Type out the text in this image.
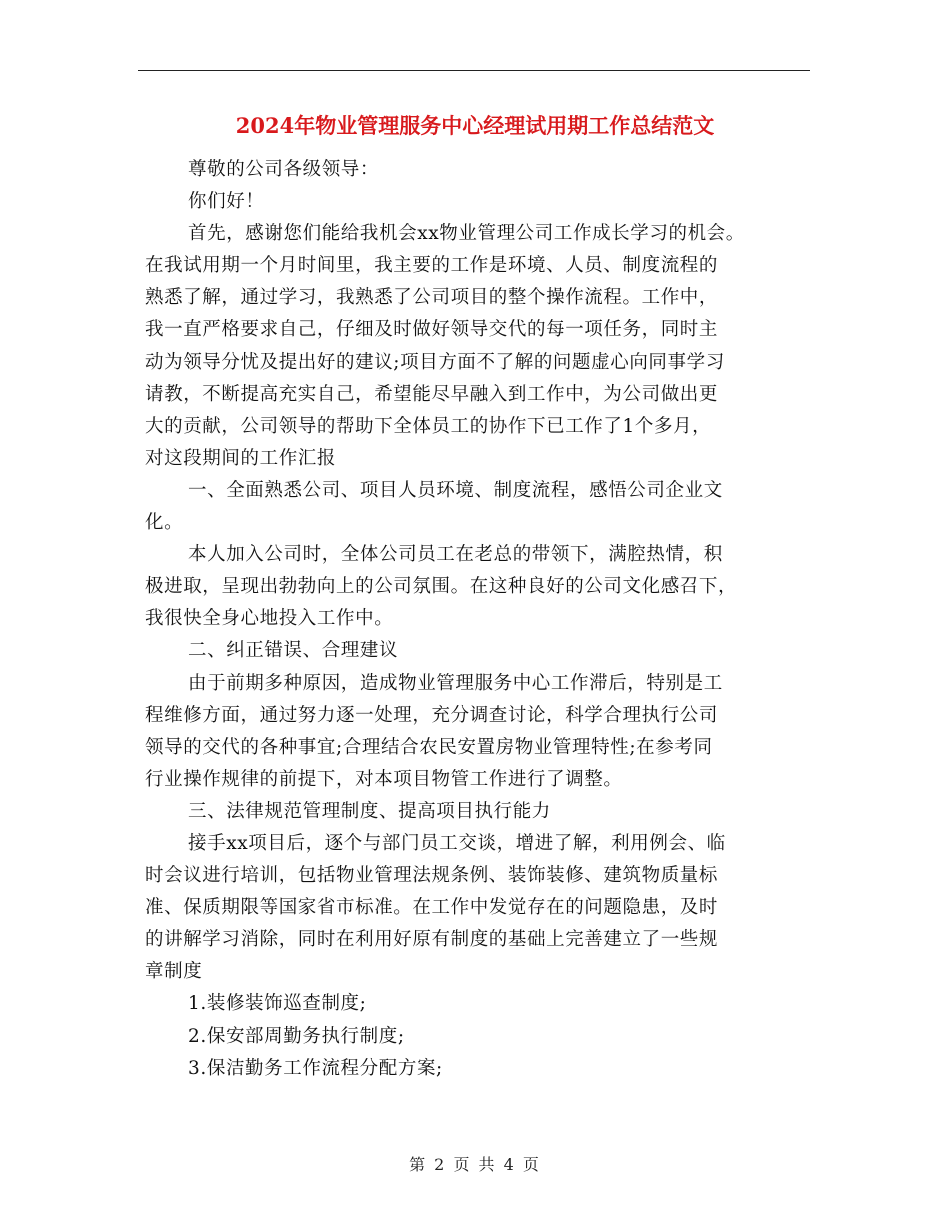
2024年物业管理服务中心经理试用期工作总结范文
尊敬的公司各级领导：
你们好！
首先，感谢您们能给我机会xx物业管理公司工作成长学习的机会。
在我试用期一个月时间里，我主要的工作是环境、人员、制度流程的
熟悉了解，通过学习，我熟悉了公司项目的整个操作流程。工作中，
我一直严格要求自己，仔细及时做好领导交代的每一项任务，同时主
动为领导分忧及提出好的建议;项目方面不了解的问题虚心向同事学习
请教，不断提高充实自己，希望能尽早融入到工作中，为公司做出更
大的贡献，公司领导的帮助下全体员工的协作下已工作了1个多月，
对这段期间的工作汇报
一、全面熟悉公司、项目人员环境、制度流程，感悟公司企业文
化。
本人加入公司时，全体公司员工在老总的带领下，满腔热情，积
极进取，呈现出勃勃向上的公司氛围。在这种良好的公司文化感召下，
我很快全身心地投入工作中。
二、纠正错误、合理建议
由于前期多种原因，造成物业管理服务中心工作滞后，特别是工
程维修方面，通过努力逐一处理，充分调查讨论，科学合理执行公司
领导的交代的各种事宜;合理结合农民安置房物业管理特性;在参考同
行业操作规律的前提下，对本项目物管工作进行了调整。
三、法律规范管理制度、提高项目执行能力
接手xx项目后，逐个与部门员工交谈，增进了解，利用例会、临
时会议进行培训，包括物业管理法规条例、装饰装修、建筑物质量标
准、保质期限等国家省市标准。在工作中发觉存在的问题隐患，及时
的讲解学习消除，同时在利用好原有制度的基础上完善建立了一些规
章制度
1.装修装饰巡查制度;
2.保安部周勤务执行制度;
3.保洁勤务工作流程分配方案;
第 2 页 共 4 页
